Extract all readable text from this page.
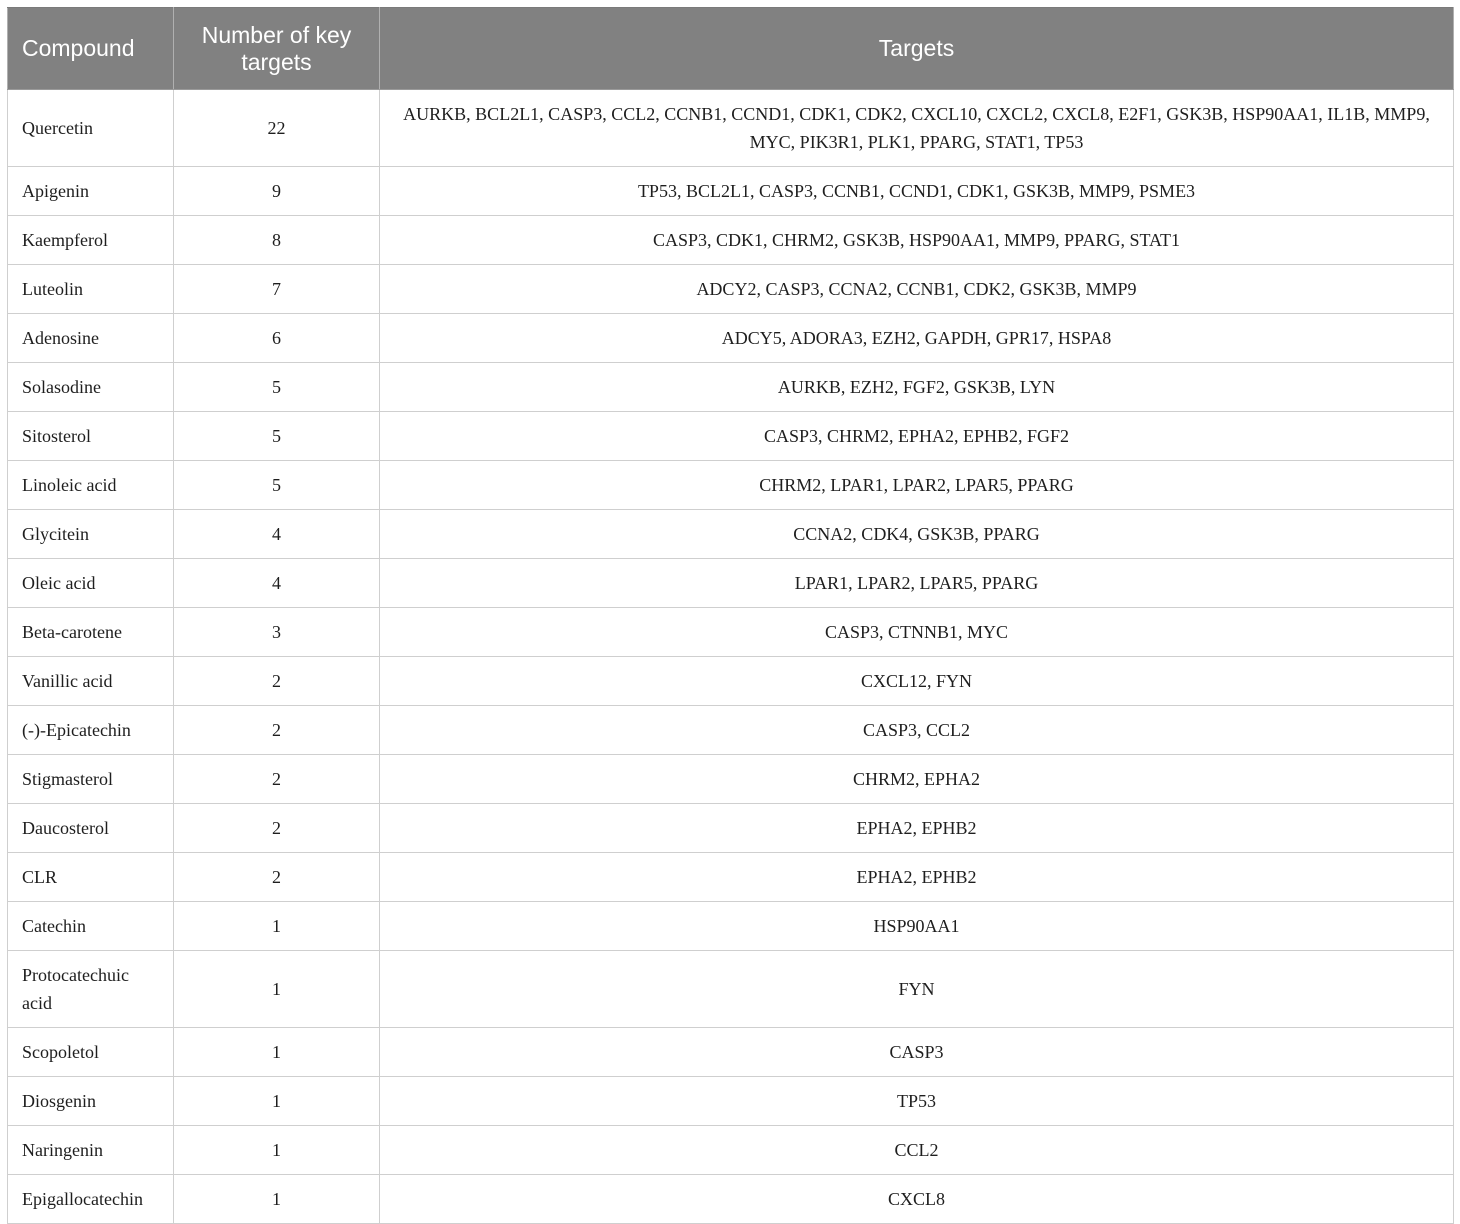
Compound	Number of key targets	Targets
Quercetin	22	AURKB, BCL2L1, CASP3, CCL2, CCNB1, CCND1, CDK1, CDK2, CXCL10, CXCL2, CXCL8, E2F1, GSK3B, HSP90AA1, IL1B, MMP9, MYC, PIK3R1, PLK1, PPARG, STAT1, TP53
Apigenin	9	TP53, BCL2L1, CASP3, CCNB1, CCND1, CDK1, GSK3B, MMP9, PSME3
Kaempferol	8	CASP3, CDK1, CHRM2, GSK3B, HSP90AA1, MMP9, PPARG, STAT1
Luteolin	7	ADCY2, CASP3, CCNA2, CCNB1, CDK2, GSK3B, MMP9
Adenosine	6	ADCY5, ADORA3, EZH2, GAPDH, GPR17, HSPA8
Solasodine	5	AURKB, EZH2, FGF2, GSK3B, LYN
Sitosterol	5	CASP3, CHRM2, EPHA2, EPHB2, FGF2
Linoleic acid	5	CHRM2, LPAR1, LPAR2, LPAR5, PPARG
Glycitein	4	CCNA2, CDK4, GSK3B, PPARG
Oleic acid	4	LPAR1, LPAR2, LPAR5, PPARG
Beta-carotene	3	CASP3, CTNNB1, MYC
Vanillic acid	2	CXCL12, FYN
(-)-Epicatechin	2	CASP3, CCL2
Stigmasterol	2	CHRM2, EPHA2
Daucosterol	2	EPHA2, EPHB2
CLR	2	EPHA2, EPHB2
Catechin	1	HSP90AA1
Protocatechuic acid	1	FYN
Scopoletol	1	CASP3
Diosgenin	1	TP53
Naringenin	1	CCL2
Epigallocatechin	1	CXCL8
